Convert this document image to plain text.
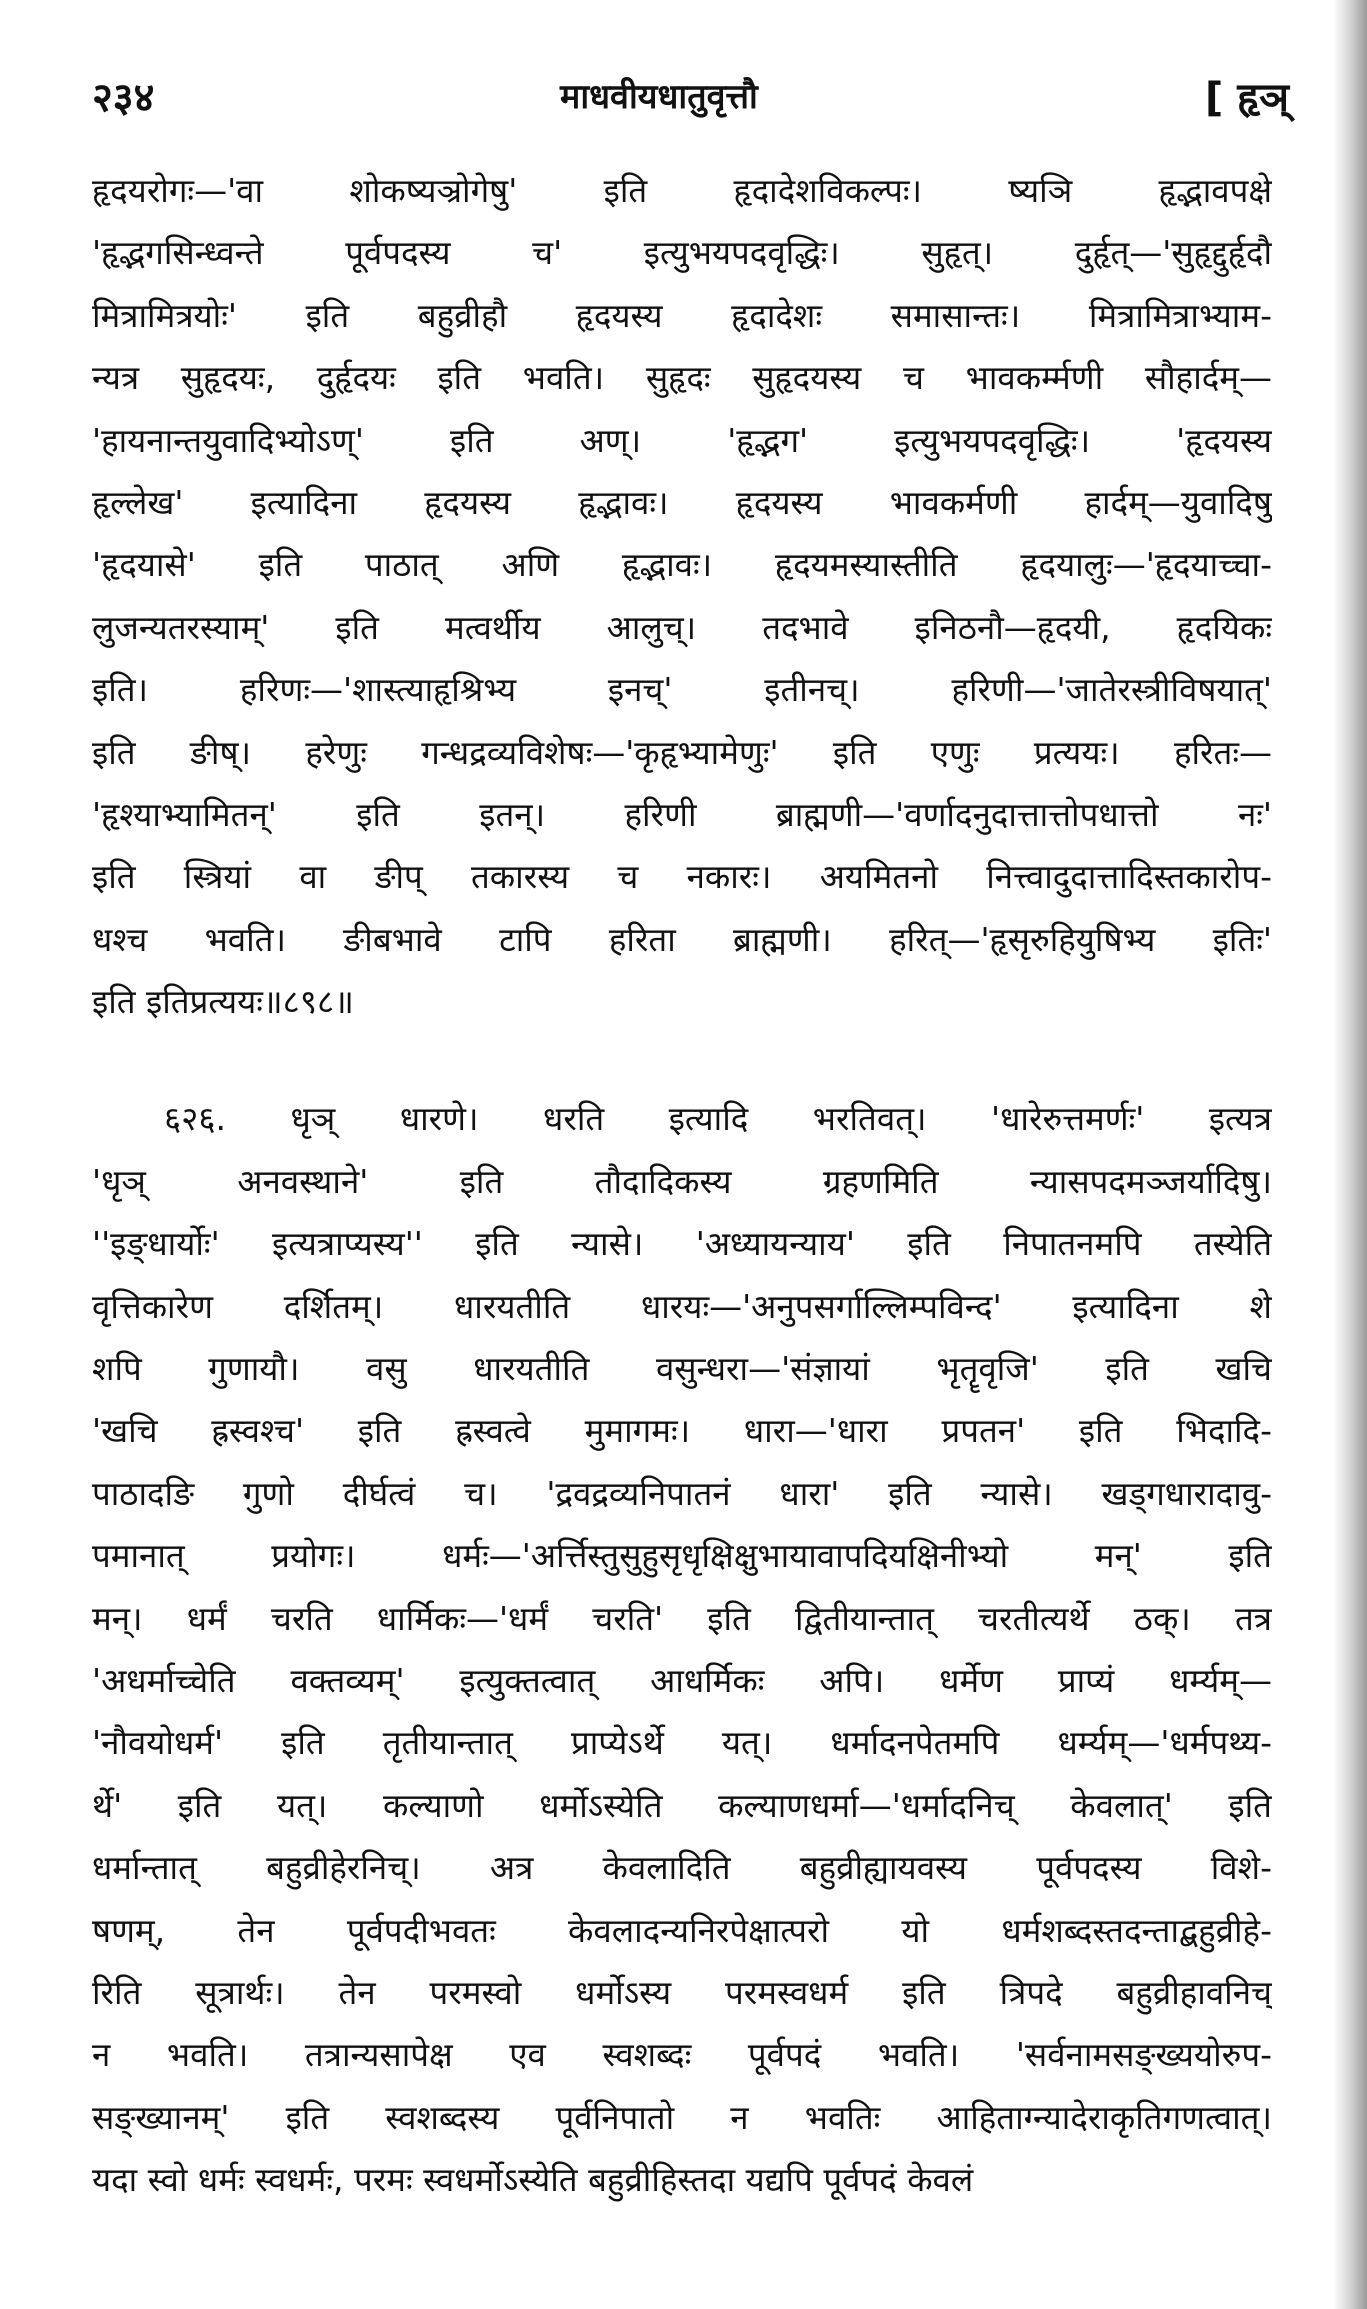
२३४	माधवीयधातुवृत्तौ	[ हृञ्
हृदयरोगः—'वा शोकष्यञ्रोगेषु' इति हृदादेशविकल्पः। ष्यञि हृद्भावपक्षे
'हृद्भगसिन्ध्वन्ते पूर्वपदस्य च' इत्युभयपदवृद्धिः। सुहृत्। दुर्हृत्—'सुहृद्दुर्हृदौ
मित्रामित्रयोः' इति बहुव्रीहौ हृदयस्य हृदादेशः समासान्तः। मित्रामित्राभ्याम-
न्यत्र सुहृदयः, दुर्हृदयः इति भवति। सुहृदः सुहृदयस्य च भावकर्म्मणी सौहार्दम्—
'हायनान्तयुवादिभ्योऽण्' इति अण्। 'हृद्भग' इत्युभयपदवृद्धिः। 'हृदयस्य
हृल्लेख' इत्यादिना हृदयस्य हृद्भावः। हृदयस्य भावकर्मणी हार्दम्—युवादिषु
'हृदयासे' इति पाठात् अणि हृद्भावः। हृदयमस्यास्तीति हृदयालुः—'हृदयाच्चा-
लुजन्यतरस्याम्' इति मत्वर्थीय आलुच्। तदभावे इनिठनौ—हृदयी, हृदयिकः
इति। हरिणः—'शास्त्याहृश्रिभ्य इनच्' इतीनच्। हरिणी—'जातेरस्त्रीविषयात्'
इति ङीष्। हरेणुः गन्धद्रव्यविशेषः—'कृहृभ्यामेणुः' इति एणुः प्रत्ययः। हरितः—
'हृश्याभ्यामितन्' इति इतन्। हरिणी ब्राह्मणी—'वर्णादनुदात्तात्तोपधात्तो नः'
इति स्त्रियां वा ङीप् तकारस्य च नकारः। अयमितनो नित्त्वादुदात्तादिस्तकारोप-
धश्च भवति। ङीबभावे टापि हरिता ब्राह्मणी। हरित्—'हृसृरुहियुषिभ्य इतिः'
इति इतिप्रत्ययः॥८९८॥
६२६. धृञ् धारणे। धरति इत्यादि भरतिवत्। 'धारेरुत्तमर्णः' इत्यत्र
'धृञ् अनवस्थाने' इति तौदादिकस्य ग्रहणमिति न्यासपदमञ्जर्यादिषु।
''इङ्धार्योः' इत्यत्राप्यस्य'' इति न्यासे। 'अध्यायन्याय' इति निपातनमपि तस्येति
वृत्तिकारेण दर्शितम्। धारयतीति धारयः—'अनुपसर्गाल्लिम्पविन्द' इत्यादिना शे
शपि गुणायौ। वसु धारयतीति वसुन्धरा—'संज्ञायां भृतॄवृजि' इति खचि
'खचि ह्रस्वश्च' इति ह्रस्वत्वे मुमागमः। धारा—'धारा प्रपतन' इति भिदादि-
पाठादङि गुणो दीर्घत्वं च। 'द्रवद्रव्यनिपातनं धारा' इति न्यासे। खड्गधारादावु-
पमानात् प्रयोगः। धर्मः—'अर्त्तिस्तुसुहुसृधृक्षिक्षुभायावापदियक्षिनीभ्यो मन्' इति
मन्। धर्मं चरति धार्मिकः—'धर्मं चरति' इति द्वितीयान्तात् चरतीत्यर्थे ठक्। तत्र
'अधर्माच्चेति वक्तव्यम्' इत्युक्तत्वात् आधर्मिकः अपि। धर्मेण प्राप्यं धर्म्यम्—
'नौवयोधर्म' इति तृतीयान्तात् प्राप्येऽर्थे यत्। धर्मादनपेतमपि धर्म्यम्—'धर्मपथ्य-
र्थे' इति यत्। कल्याणो धर्मोऽस्येति कल्याणधर्मा—'धर्मादनिच् केवलात्' इति
धर्मान्तात् बहुव्रीहेरनिच्। अत्र केवलादिति बहुव्रीह्यायवस्य पूर्वपदस्य विशे-
षणम्, तेन पूर्वपदीभवतः केवलादन्यनिरपेक्षात्परो यो धर्मशब्दस्तदन्ताद्बहुव्रीहे-
रिति सूत्रार्थः। तेन परमस्वो धर्मोऽस्य परमस्वधर्म इति त्रिपदे बहुव्रीहावनिच्
न भवति। तत्रान्यसापेक्ष एव स्वशब्दः पूर्वपदं भवति। 'सर्वनामसङ्ख्ययोरुप-
सङ्ख्यानम्' इति स्वशब्दस्य पूर्वनिपातो न भवतिः आहिताग्न्यादेराकृतिगणत्वात्।
यदा स्वो धर्मः स्वधर्मः, परमः स्वधर्मोऽस्येति बहुव्रीहिस्तदा यद्यपि पूर्वपदं केवलं
